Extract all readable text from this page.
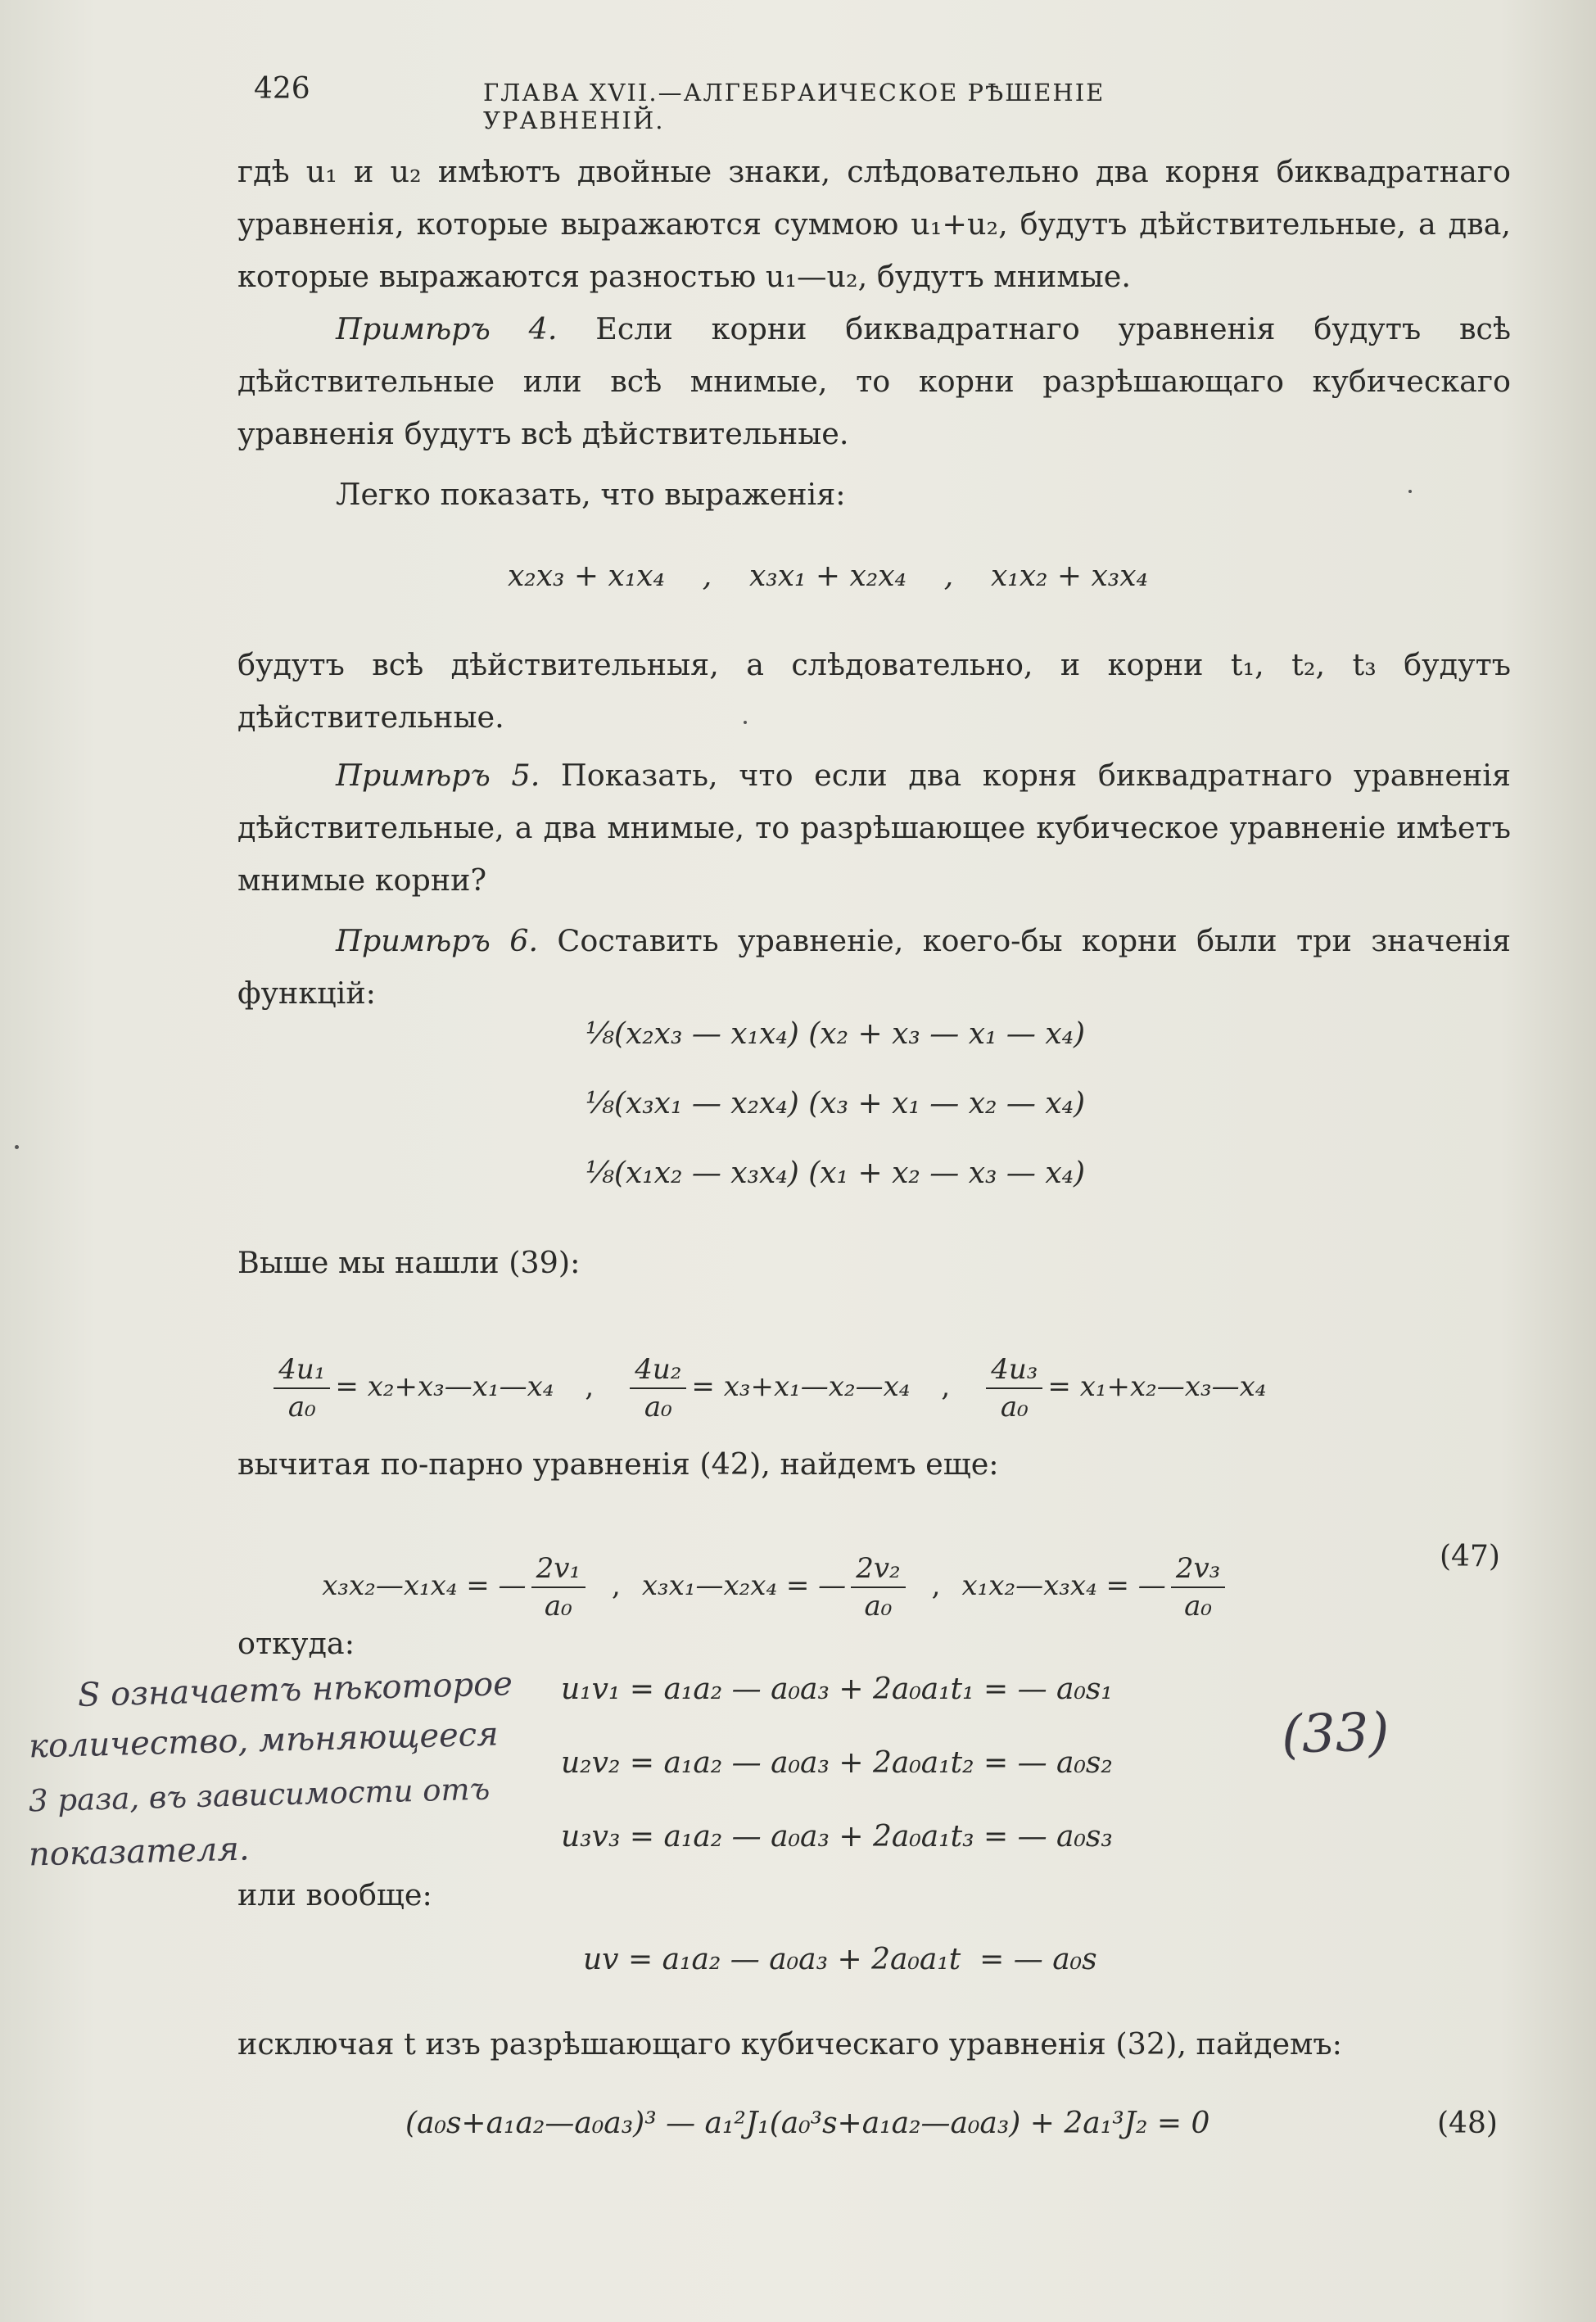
426	ГЛАВА XVII.—АЛГЕБРАИЧЕСКОЕ РѢШЕНІЕ УРАВНЕНІЙ.
гдѣ u₁ и u₂ имѣютъ двойные знаки, слѣдовательно два корня биквадратнаго уравненія, которые выражаются суммою u₁+u₂, будутъ дѣйствительные, а два, которые выражаются разностью u₁—u₂, будутъ мнимые.
Примѣръ 4. Если корни биквадратнаго уравненія будутъ всѣ дѣйствительные или всѣ мнимые, то корни разрѣшающаго кубическаго уравненія будутъ всѣ дѣйствительные.
Легко показать, что выраженія:
x₂x₃ + x₁x₄    ,    x₃x₁ + x₂x₄    ,    x₁x₂ + x₃x₄
будутъ всѣ дѣйствительныя, а слѣдовательно, и корни t₁, t₂, t₃ будутъ дѣйствительные.
Примѣръ 5. Показать, что если два корня биквадратнаго уравненія дѣйствительные, а два мнимые, то разрѣшающее кубическое уравненіе имѣетъ мнимые корни?
Примѣръ 6. Составить уравненіе, коего-бы корни были три значенія функцій:
⅛(x₂x₃ — x₁x₄) (x₂ + x₃ — x₁ — x₄)
⅛(x₃x₁ — x₂x₄) (x₃ + x₁ — x₂ — x₄)
⅛(x₁x₂ — x₃x₄) (x₁ + x₂ — x₃ — x₄)
Выше мы нашли (39):

$\frac{\text{4u₁}}{\text{a₀}}$ = x₂+x₃—x₁—x₄ , $\frac{\text{4u₂}}{\text{a₀}}$ = x₃+x₁—x₂—x₄ , $\frac{\text{4u₃}}{\text{a₀}}$ = x₁+x₂—x₃—x₄

вычитая по-парно уравненія (42), найдемъ еще:

x₃x₂—x₁x₄ = — $\frac{\text{2v₁}}{\text{a₀}}$ , x₃x₁—x₂x₄ = — $\frac{\text{2v₂}}{\text{a₀}}$ , x₁x₂—x₃x₄ = — $\frac{\text{2v₃}}{\text{a₀}}$

	(47)
откуда:
u₁v₁ = a₁a₂ — a₀a₃ + 2a₀a₁t₁ = — a₀s₁
u₂v₂ = a₁a₂ — a₀a₃ + 2a₀a₁t₂ = — a₀s₂
u₃v₃ = a₁a₂ — a₀a₃ + 2a₀a₁t₃ = — a₀s₃
или вообще:
uv = a₁a₂ — a₀a₃ + 2a₀a₁t  = — a₀s
исключая t изъ разрѣшающаго кубическаго уравненія (32), пайдемъ:
(a₀s+a₁a₂—a₀a₃)³ — a₁²J₁(a₀³s+a₁a₂—a₀a₃) + 2a₁³J₂ = 0	(48)
S означаетъ нѣкоторое
количество, мѣняющееся
3 раза, въ зависимости отъ
показателя.
(33)
